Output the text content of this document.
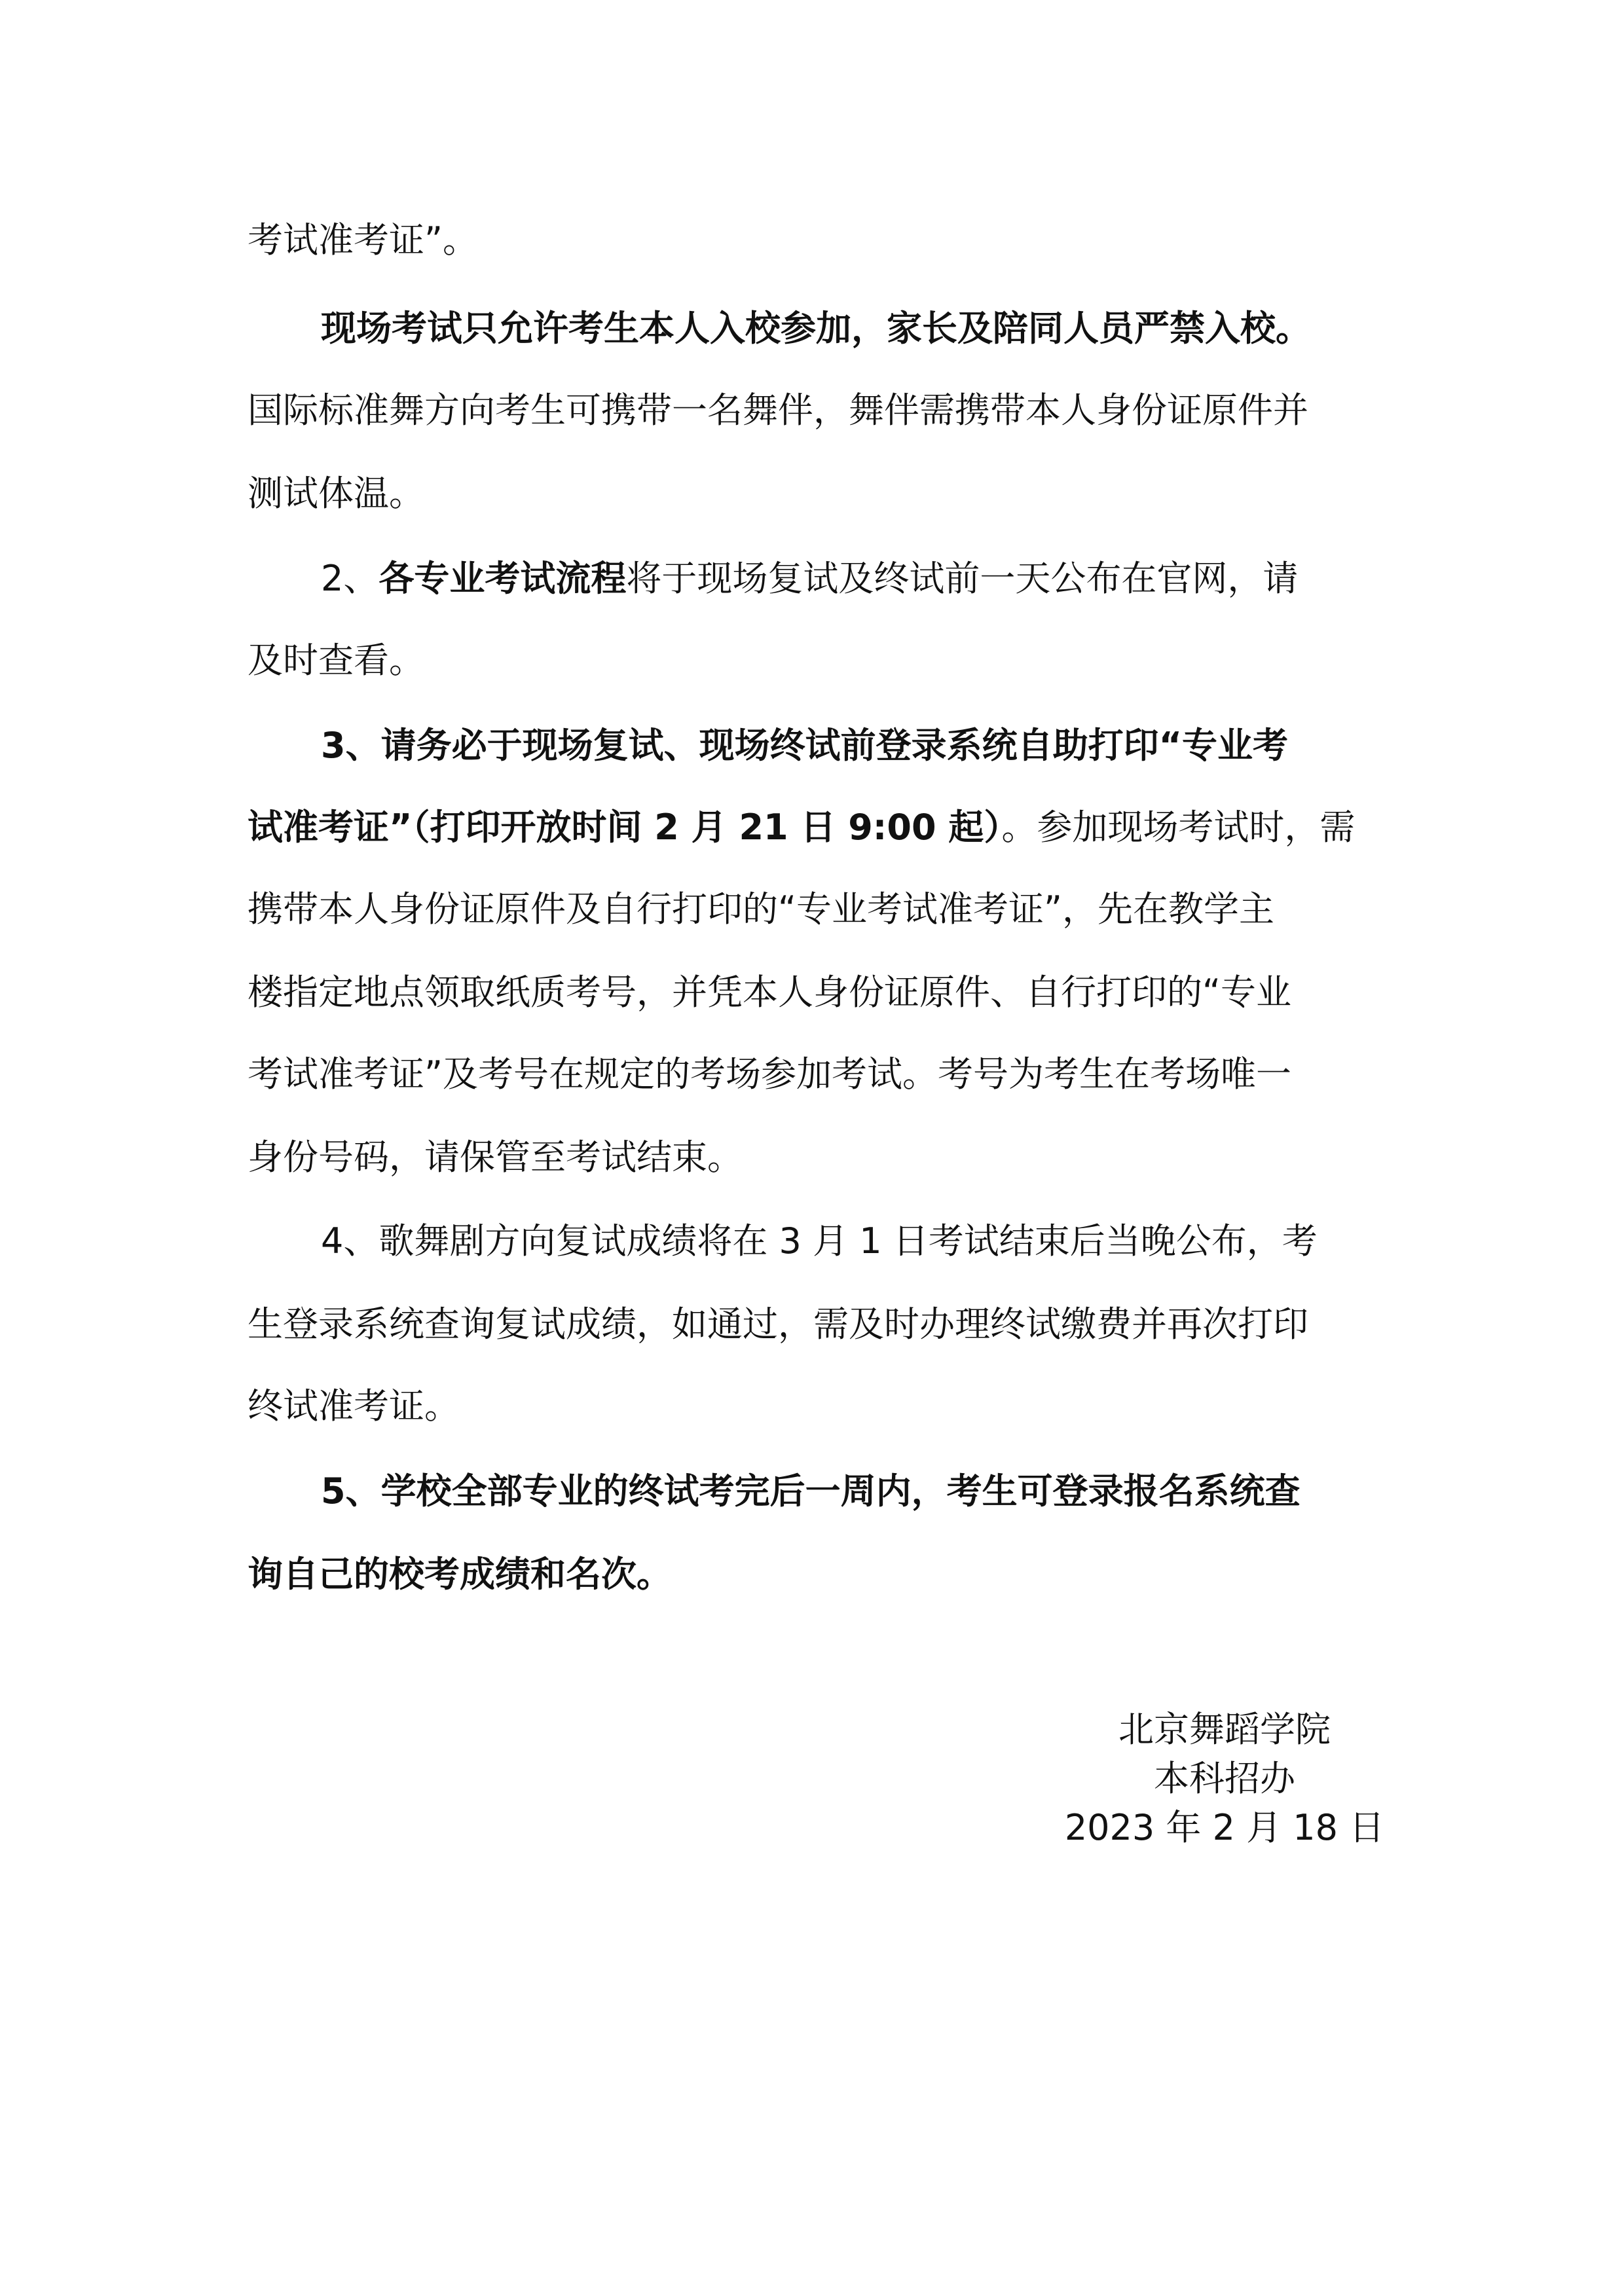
考试准考证”。

现场考试只允许考生本人入校参加，家长及陪同人员严禁入校。

国际标准舞方向考生可携带一名舞伴，舞伴需携带本人身份证原件并

测试体温。

2、各专业考试流程将于现场复试及终试前一天公布在官网，请

及时查看。

3、请务必于现场复试、现场终试前登录系统自助打印“专业考

试准考证”（打印开放时间 2 月 21 日 9:00 起）。参加现场考试时，需

携带本人身份证原件及自行打印的“专业考试准考证”，先在教学主

楼指定地点领取纸质考号，并凭本人身份证原件、自行打印的“专业

考试准考证”及考号在规定的考场参加考试。考号为考生在考场唯一

身份号码，请保管至考试结束。

4、歌舞剧方向复试成绩将在 3 月 1 日考试结束后当晚公布，考

生登录系统查询复试成绩，如通过，需及时办理终试缴费并再次打印

终试准考证。

5、学校全部专业的终试考完后一周内，考生可登录报名系统查

询自己的校考成绩和名次。

北京舞蹈学院

本科招办

2023 年 2 月 18 日
